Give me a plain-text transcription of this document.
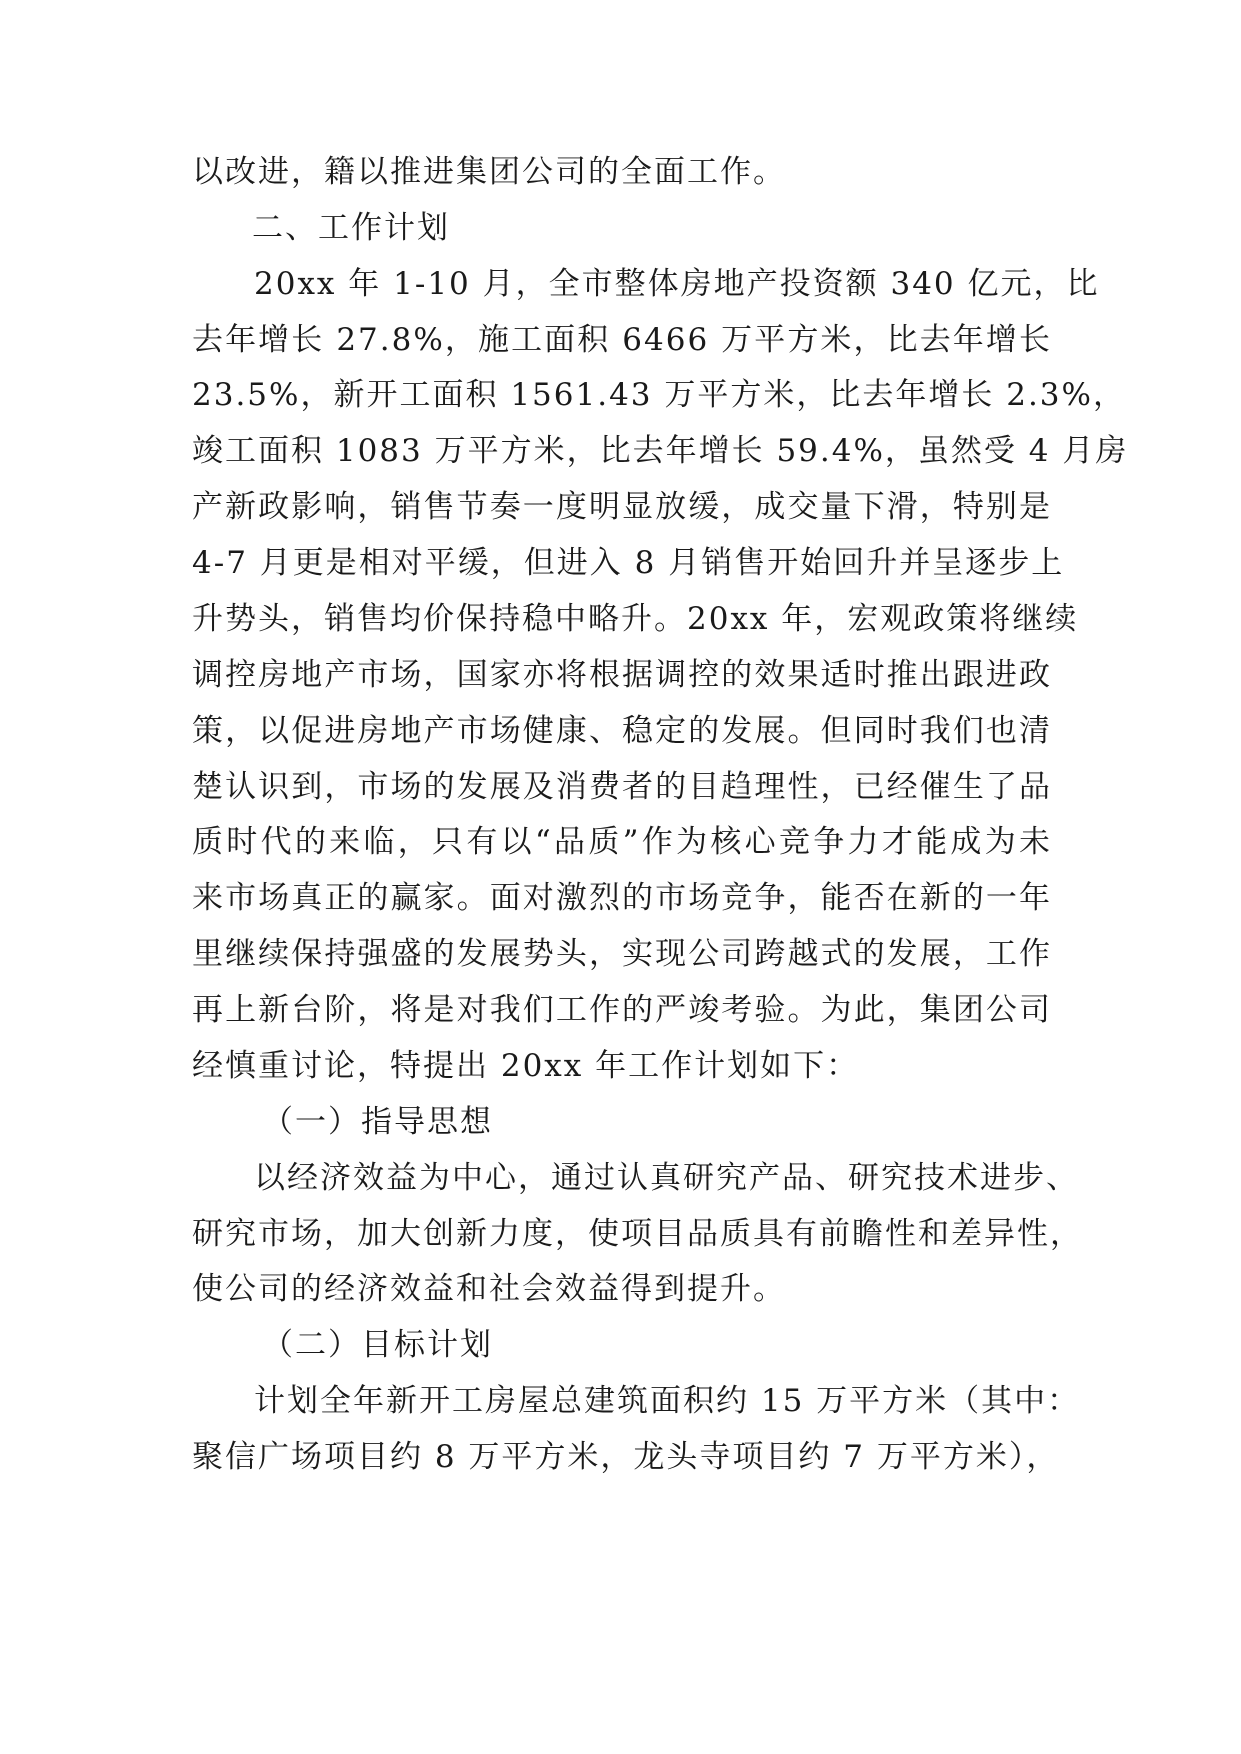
以改进，籍以推进集团公司的全面工作。
二、工作计划
20xx 年 1-10 月，全市整体房地产投资额 340 亿元，比
去年增长 27.8%，施工面积 6466 万平方米，比去年增长
23.5%，新开工面积 1561.43 万平方米，比去年增长 2.3%，
竣工面积 1083 万平方米，比去年增长 59.4%，虽然受 4 月房
产新政影响，销售节奏一度明显放缓，成交量下滑，特别是
4-7 月更是相对平缓，但进入 8 月销售开始回升并呈逐步上
升势头，销售均价保持稳中略升。20xx 年，宏观政策将继续
调控房地产市场，国家亦将根据调控的效果适时推出跟进政
策，以促进房地产市场健康、稳定的发展。但同时我们也清
楚认识到，市场的发展及消费者的目趋理性，已经催生了品
质时代的来临，只有以“品质”作为核心竞争力才能成为未
来市场真正的赢家。面对激烈的市场竞争，能否在新的一年
里继续保持强盛的发展势头，实现公司跨越式的发展，工作
再上新台阶，将是对我们工作的严竣考验。为此，集团公司
经慎重讨论，特提出 20xx 年工作计划如下：
（一）指导思想
以经济效益为中心，通过认真研究产品、研究技术进步、
研究市场，加大创新力度，使项目品质具有前瞻性和差异性，
使公司的经济效益和社会效益得到提升。
（二）目标计划
计划全年新开工房屋总建筑面积约 15 万平方米（其中：
聚信广场项目约 8 万平方米，龙头寺项目约 7 万平方米），
